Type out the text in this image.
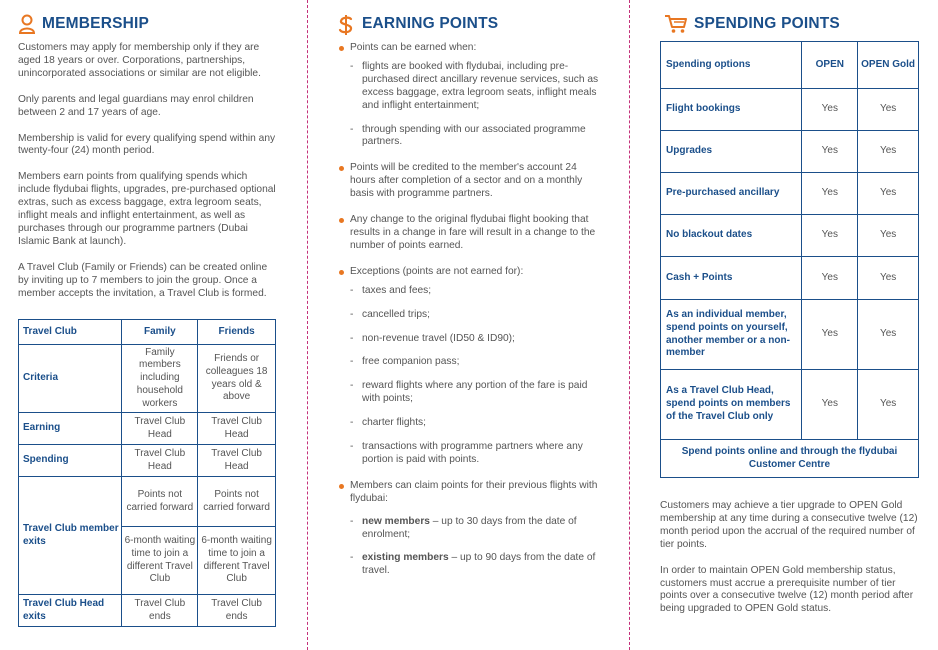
MEMBERSHIP

Customers may apply for membership only if they are aged 18 years or over. Corporations, partnerships, unincorporated associations or similar are not eligible.

Only parents and legal guardians may enrol children between 2 and 17 years of age.

Membership is valid for every qualifying spend within any twenty-four (24) month period.

Members earn points from qualifying spends which include flydubai flights, upgrades, pre-purchased optional extras, such as excess baggage, extra legroom seats, inflight meals and inflight entertainment, as well as purchases through our programme partners (Dubai Islamic Bank at launch).

A Travel Club (Family or Friends) can be created online by inviting up to 7 members to join the group. Once a member accepts the invitation, a Travel Club is formed.

Travel Club	Family	Friends
Criteria	Family members including household workers	Friends or colleagues 18 years old & above
Earning	Travel Club Head	Travel Club Head
Spending	Travel Club Head	Travel Club Head
Travel Club member exits	Points not carried forward	Points not carried forward
	6-month waiting time to join a different Travel Club	6-month waiting time to join a different Travel Club
Travel Club Head exits	Travel Club ends	Travel Club ends
EARNING POINTS
Points can be earned when:
- flights are booked with flydubai, including pre-purchased direct ancillary revenue services, such as excess baggage, extra legroom seats, inflight meals and inflight entertainment;
- through spending with our associated programme partners.
Points will be credited to the member's account 24 hours after completion of a sector and on a monthly basis with programme partners.
Any change to the original flydubai flight booking that results in a change in fare will result in a change to the number of points earned.
Exceptions (points are not earned for):
- taxes and fees;
- cancelled trips;
- non-revenue travel (ID50 & ID90);
- free companion pass;
- reward flights where any portion of the fare is paid with points;
- charter flights;
- transactions with programme partners where any portion is paid with points.
Members can claim points for their previous flights with flydubai:
- new members – up to 30 days from the date of enrolment;
- existing members – up to 90 days from the date of travel.
SPENDING POINTS
Spending options	OPEN	OPEN Gold
Flight bookings	Yes	Yes
Upgrades	Yes	Yes
Pre-purchased ancillary	Yes	Yes
No blackout dates	Yes	Yes
Cash + Points	Yes	Yes
As an individual member, spend points on yourself, another member or a non-member	Yes	Yes
As a Travel Club Head, spend points on members of the Travel Club only	Yes	Yes
Spend points online and through the flydubai Customer Centre		

Customers may achieve a tier upgrade to OPEN Gold membership at any time during a consecutive twelve (12) month period upon the accrual of the required number of tier points.

In order to maintain OPEN Gold membership status, customers must accrue a prerequisite number of tier points over a consecutive twelve (12) month period after being upgraded to OPEN Gold status.
